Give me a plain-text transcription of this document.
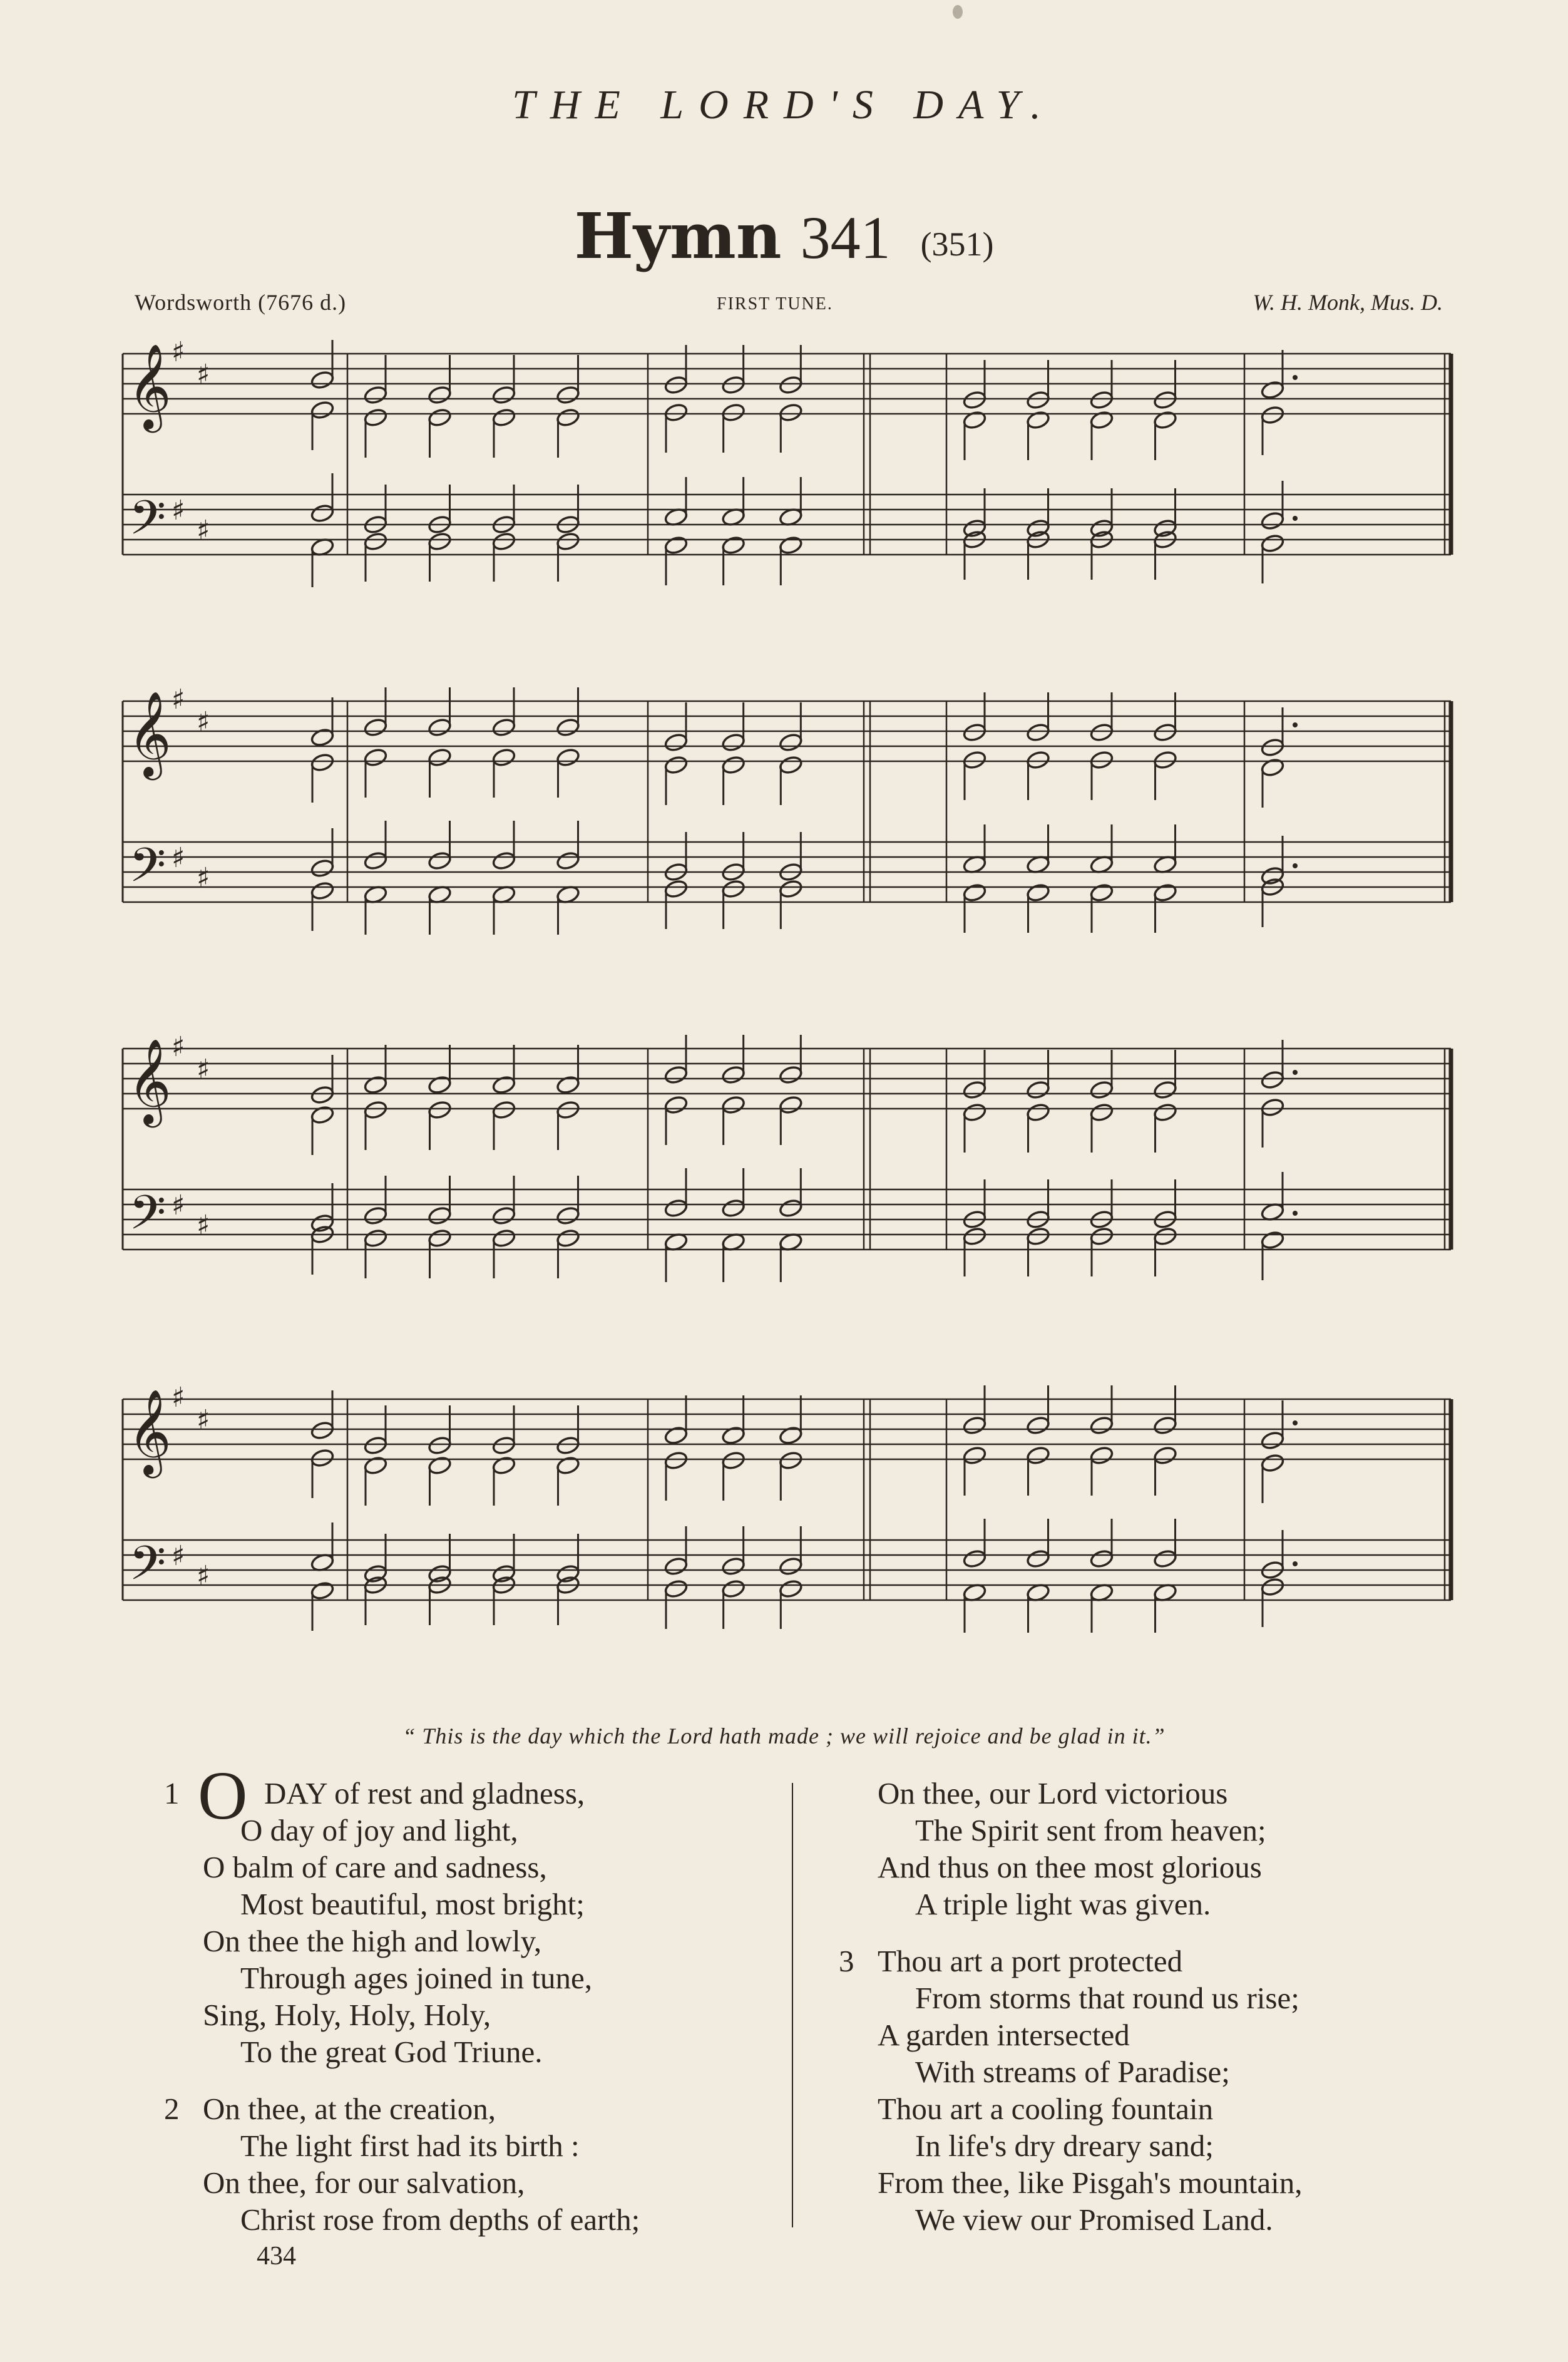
THE LORD'S DAY.
Hymn 341 (351)
Wordsworth (7676 d.)	FIRST TUNE.	W. H. Monk, Mus. D.
𝄞
𝄢
♯
♯
♯
♯
𝄞
𝄢
♯
♯
♯
♯
𝄞
𝄢
♯
♯
♯
♯
𝄞
𝄢
♯
♯
♯
♯
“ This is the day which the Lord hath made ; we will rejoice and be glad in it.”
1 O DAY of rest and gladness,
O day of joy and light,
O balm of care and sadness,
Most beautiful, most bright;
On thee the high and lowly,
Through ages joined in tune,
Sing, Holy, Holy, Holy,
To the great God Triune.
2 On thee, at the creation,
The light first had its birth :
On thee, for our salvation,
Christ rose from depths of earth;
On thee, our Lord victorious
The Spirit sent from heaven;
And thus on thee most glorious
A triple light was given.
3 Thou art a port protected
From storms that round us rise;
A garden intersected
With streams of Paradise;
Thou art a cooling fountain
In life's dry dreary sand;
From thee, like Pisgah's mountain,
We view our Promised Land.
434
